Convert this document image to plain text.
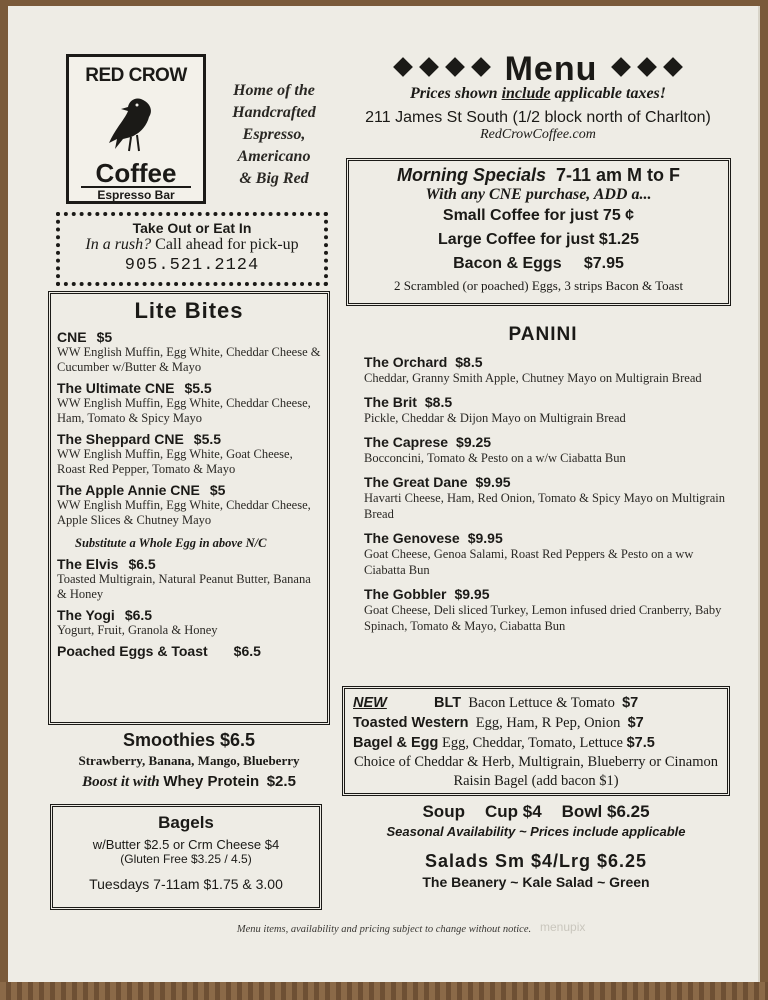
RED CROW
Coffee
Espresso Bar
Home of the
Handcrafted
Espresso,
Americano
& Big Red
Menu
Prices shown include applicable taxes!
211 James St South (1/2 block north of Charlton)
RedCrowCoffee.com
Take Out or Eat In
In a rush? Call ahead for pick-up
905.521.2124
Morning Specials 7-11 am M to F
With any CNE purchase, ADD a...
Small Coffee for just 75 ¢
Large Coffee for just $1.25
Bacon & Eggs $7.95
2 Scrambled (or poached) Eggs, 3 strips Bacon & Toast
Lite Bites
CNE $5
WW English Muffin, Egg White, Cheddar Cheese & Cucumber w/Butter & Mayo
The Ultimate CNE $5.5
WW English Muffin, Egg White, Cheddar Cheese, Ham, Tomato & Spicy Mayo
The Sheppard CNE $5.5
WW English Muffin, Egg White, Goat Cheese, Roast Red Pepper, Tomato & Mayo
The Apple Annie CNE $5
WW English Muffin, Egg White, Cheddar Cheese, Apple Slices & Chutney Mayo
Substitute a Whole Egg in above N/C
The Elvis $6.5
Toasted Multigrain, Natural Peanut Butter, Banana & Honey
The Yogi $6.5
Yogurt, Fruit, Granola & Honey
Poached Eggs & Toast $6.5
Smoothies $6.5
Strawberry, Banana, Mango, Blueberry
Boost it with Whey Protein $2.5
Bagels
w/Butter $2.5 or Crm Cheese $4
(Gluten Free $3.25 / 4.5)
Tuesdays 7-11am $1.75 & 3.00
PANINI
The Orchard $8.5
Cheddar, Granny Smith Apple, Chutney Mayo on Multigrain Bread
The Brit $8.5
Pickle, Cheddar & Dijon Mayo on Multigrain Bread
The Caprese $9.25
Bocconcini, Tomato & Pesto on a w/w Ciabatta Bun
The Great Dane $9.95
Havarti Cheese, Ham, Red Onion, Tomato & Spicy Mayo on Multigrain Bread
The Genovese $9.95
Goat Cheese, Genoa Salami, Roast Red Peppers & Pesto on a ww Ciabatta Bun
The Gobbler $9.95
Goat Cheese, Deli sliced Turkey, Lemon infused dried Cranberry, Baby Spinach, Tomato & Mayo, Ciabatta Bun
NEW	BLT Bacon Lettuce & Tomato $7
Toasted Western Egg, Ham, R Pep, Onion $7
Bagel & Egg Egg, Cheddar, Tomato, Lettuce $7.5
Choice of Cheddar & Herb, Multigrain, Blueberry or Cinamon Raisin Bagel (add bacon $1)
Soup Cup $4 Bowl $6.25
Seasonal Availability ~ Prices include applicable
Salads Sm $4/Lrg $6.25
The Beanery ~ Kale Salad ~ Green
Menu items, availability and pricing subject to change without notice. menupix
